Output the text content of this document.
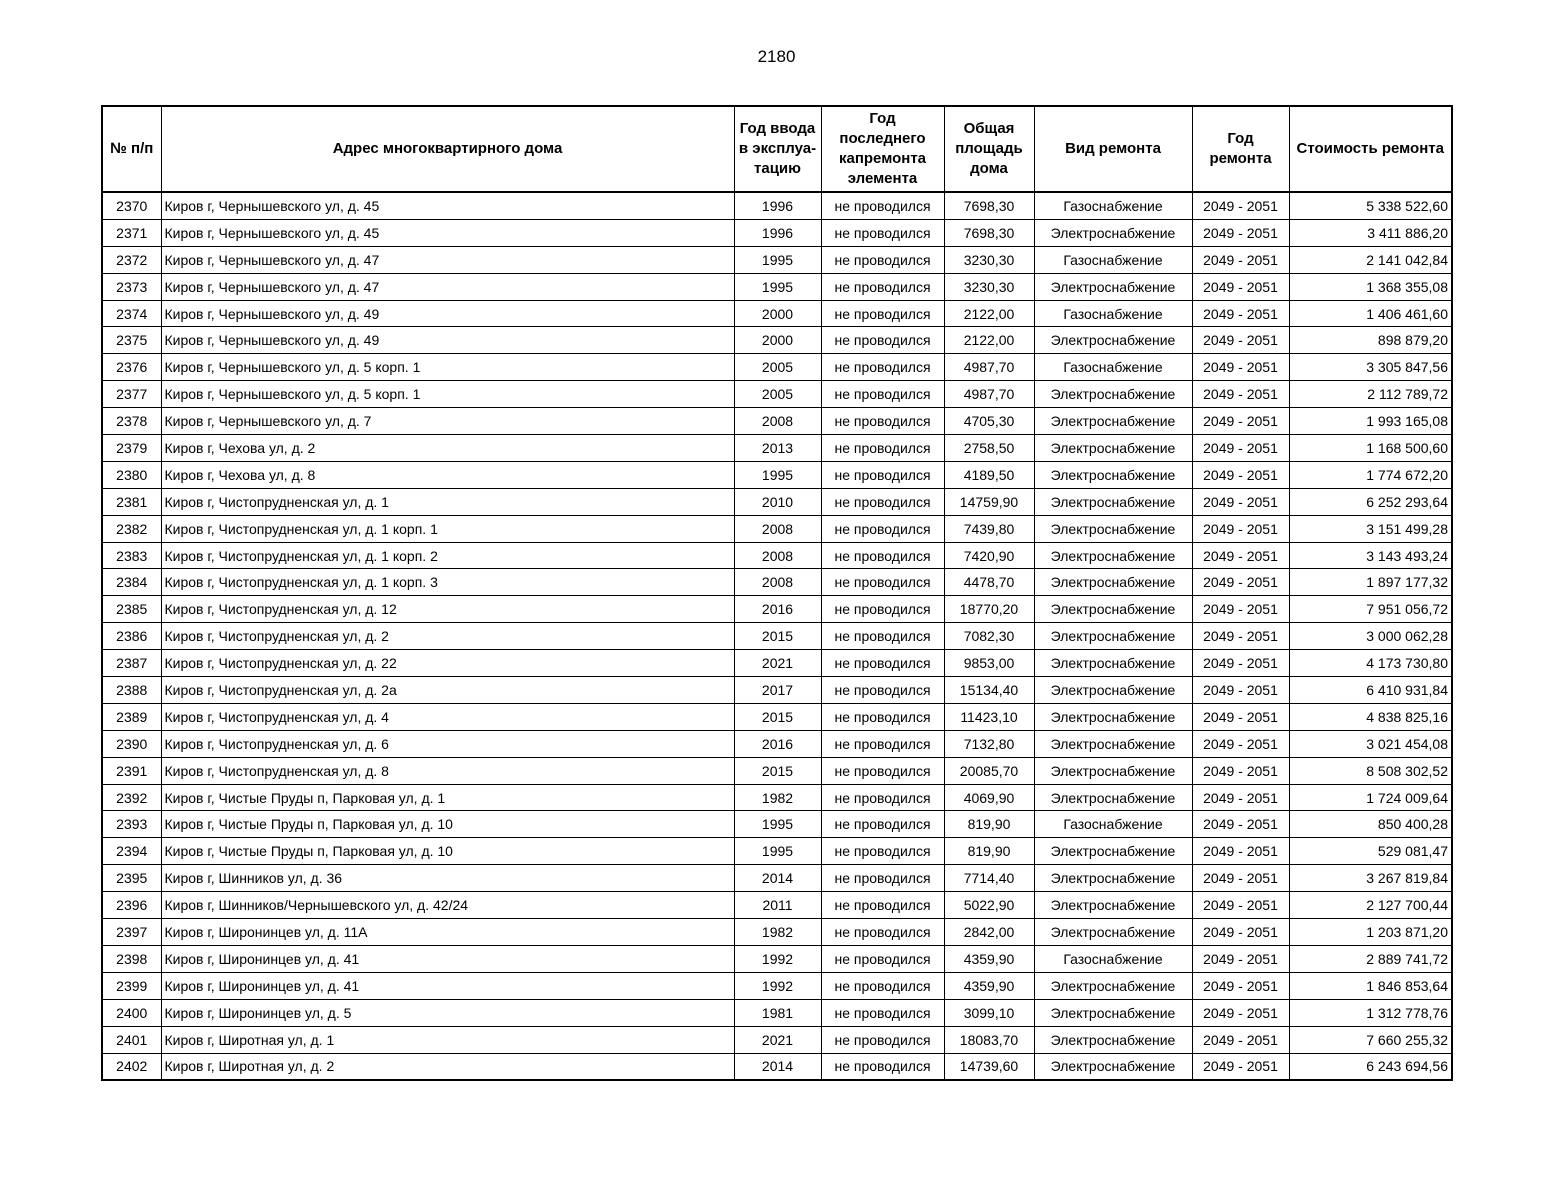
2180
№ п/п	Адрес многоквартирного дома	Год ввода в эксплуа-тацию	Год последнего капремонта элемента	Общая площадь дома	Вид ремонта	Год ремонта	Стоимость ремонта
2370	Киров г, Чернышевского ул, д. 45	1996	не проводился	7698,30	Газоснабжение	2049 - 2051	5 338 522,60
2371	Киров г, Чернышевского ул, д. 45	1996	не проводился	7698,30	Электроснабжение	2049 - 2051	3 411 886,20
2372	Киров г, Чернышевского ул, д. 47	1995	не проводился	3230,30	Газоснабжение	2049 - 2051	2 141 042,84
2373	Киров г, Чернышевского ул, д. 47	1995	не проводился	3230,30	Электроснабжение	2049 - 2051	1 368 355,08
2374	Киров г, Чернышевского ул, д. 49	2000	не проводился	2122,00	Газоснабжение	2049 - 2051	1 406 461,60
2375	Киров г, Чернышевского ул, д. 49	2000	не проводился	2122,00	Электроснабжение	2049 - 2051	898 879,20
2376	Киров г, Чернышевского ул, д. 5 корп. 1	2005	не проводился	4987,70	Газоснабжение	2049 - 2051	3 305 847,56
2377	Киров г, Чернышевского ул, д. 5 корп. 1	2005	не проводился	4987,70	Электроснабжение	2049 - 2051	2 112 789,72
2378	Киров г, Чернышевского ул, д. 7	2008	не проводился	4705,30	Электроснабжение	2049 - 2051	1 993 165,08
2379	Киров г, Чехова ул, д. 2	2013	не проводился	2758,50	Электроснабжение	2049 - 2051	1 168 500,60
2380	Киров г, Чехова ул, д. 8	1995	не проводился	4189,50	Электроснабжение	2049 - 2051	1 774 672,20
2381	Киров г, Чистопрудненская ул, д. 1	2010	не проводился	14759,90	Электроснабжение	2049 - 2051	6 252 293,64
2382	Киров г, Чистопрудненская ул, д. 1 корп. 1	2008	не проводился	7439,80	Электроснабжение	2049 - 2051	3 151 499,28
2383	Киров г, Чистопрудненская ул, д. 1 корп. 2	2008	не проводился	7420,90	Электроснабжение	2049 - 2051	3 143 493,24
2384	Киров г, Чистопрудненская ул, д. 1 корп. 3	2008	не проводился	4478,70	Электроснабжение	2049 - 2051	1 897 177,32
2385	Киров г, Чистопрудненская ул, д. 12	2016	не проводился	18770,20	Электроснабжение	2049 - 2051	7 951 056,72
2386	Киров г, Чистопрудненская ул, д. 2	2015	не проводился	7082,30	Электроснабжение	2049 - 2051	3 000 062,28
2387	Киров г, Чистопрудненская ул, д. 22	2021	не проводился	9853,00	Электроснабжение	2049 - 2051	4 173 730,80
2388	Киров г, Чистопрудненская ул, д. 2а	2017	не проводился	15134,40	Электроснабжение	2049 - 2051	6 410 931,84
2389	Киров г, Чистопрудненская ул, д. 4	2015	не проводился	11423,10	Электроснабжение	2049 - 2051	4 838 825,16
2390	Киров г, Чистопрудненская ул, д. 6	2016	не проводился	7132,80	Электроснабжение	2049 - 2051	3 021 454,08
2391	Киров г, Чистопрудненская ул, д. 8	2015	не проводился	20085,70	Электроснабжение	2049 - 2051	8 508 302,52
2392	Киров г, Чистые Пруды п, Парковая ул, д. 1	1982	не проводился	4069,90	Электроснабжение	2049 - 2051	1 724 009,64
2393	Киров г, Чистые Пруды п, Парковая ул, д. 10	1995	не проводился	819,90	Газоснабжение	2049 - 2051	850 400,28
2394	Киров г, Чистые Пруды п, Парковая ул, д. 10	1995	не проводился	819,90	Электроснабжение	2049 - 2051	529 081,47
2395	Киров г, Шинников ул, д. 36	2014	не проводился	7714,40	Электроснабжение	2049 - 2051	3 267 819,84
2396	Киров г, Шинников/Чернышевского ул, д. 42/24	2011	не проводился	5022,90	Электроснабжение	2049 - 2051	2 127 700,44
2397	Киров г, Широнинцев ул, д. 11А	1982	не проводился	2842,00	Электроснабжение	2049 - 2051	1 203 871,20
2398	Киров г, Широнинцев ул, д. 41	1992	не проводился	4359,90	Газоснабжение	2049 - 2051	2 889 741,72
2399	Киров г, Широнинцев ул, д. 41	1992	не проводился	4359,90	Электроснабжение	2049 - 2051	1 846 853,64
2400	Киров г, Широнинцев ул, д. 5	1981	не проводился	3099,10	Электроснабжение	2049 - 2051	1 312 778,76
2401	Киров г, Широтная ул, д. 1	2021	не проводился	18083,70	Электроснабжение	2049 - 2051	7 660 255,32
2402	Киров г, Широтная ул, д. 2	2014	не проводился	14739,60	Электроснабжение	2049 - 2051	6 243 694,56
